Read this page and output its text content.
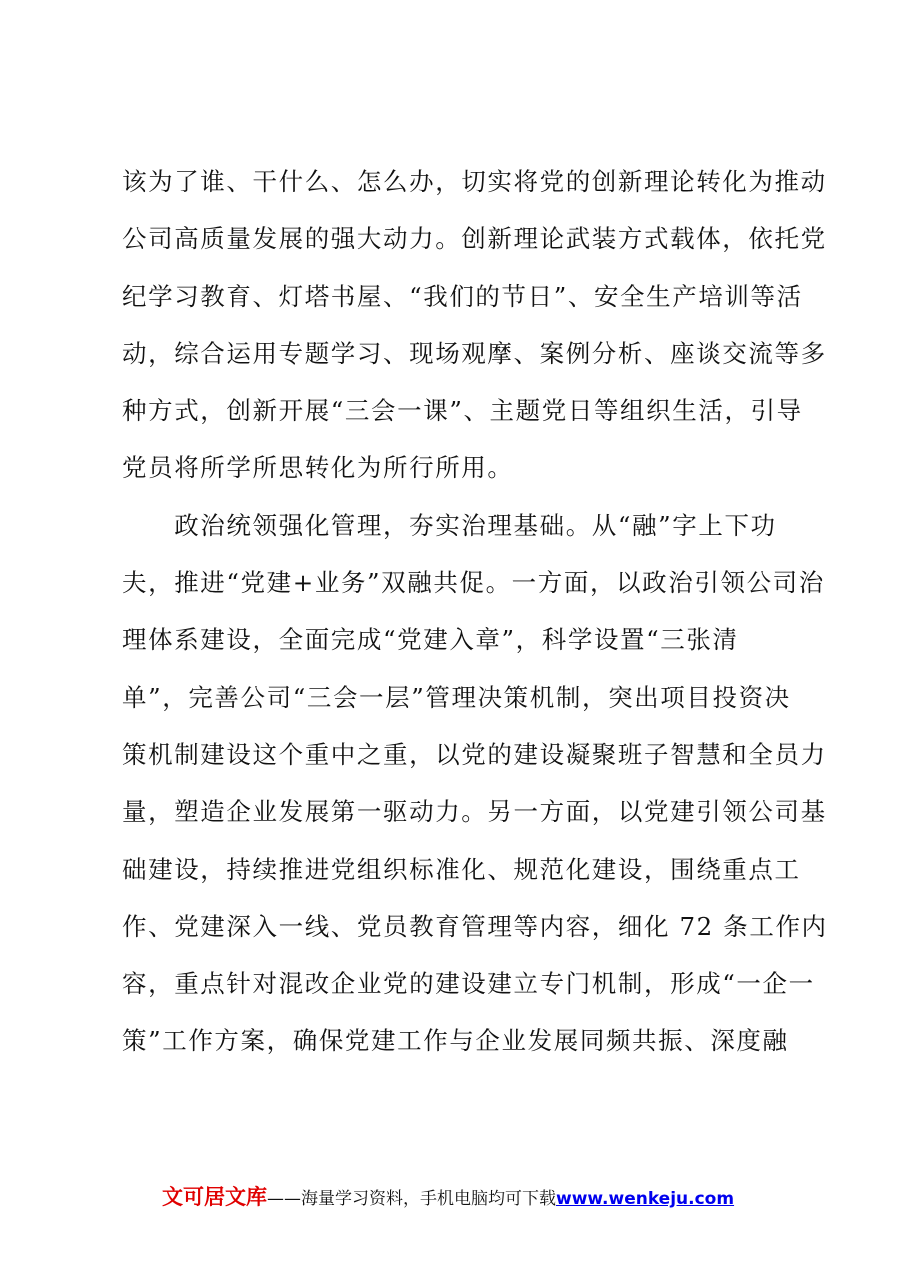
该为了谁、干什么、怎么办，切实将党的创新理论转化为推动
公司高质量发展的强大动力。创新理论武装方式载体，依托党
纪学习教育、灯塔书屋、“我们的节日”、安全生产培训等活
动，综合运用专题学习、现场观摩、案例分析、座谈交流等多
种方式，创新开展“三会一课”、主题党日等组织生活，引导
党员将所学所思转化为所行所用。
　　政治统领强化管理，夯实治理基础。从“融”字上下功
夫，推进“党建+业务”双融共促。一方面，以政治引领公司治
理体系建设，全面完成“党建入章”，科学设置“三张清
单”，完善公司“三会一层”管理决策机制，突出项目投资决
策机制建设这个重中之重，以党的建设凝聚班子智慧和全员力
量，塑造企业发展第一驱动力。另一方面，以党建引领公司基
础建设，持续推进党组织标准化、规范化建设，围绕重点工
作、党建深入一线、党员教育管理等内容，细化 72 条工作内
容，重点针对混改企业党的建设建立专门机制，形成“一企一
策”工作方案，确保党建工作与企业发展同频共振、深度融
文可居文库——海量学习资料，手机电脑均可下载www.wenkeju.com
